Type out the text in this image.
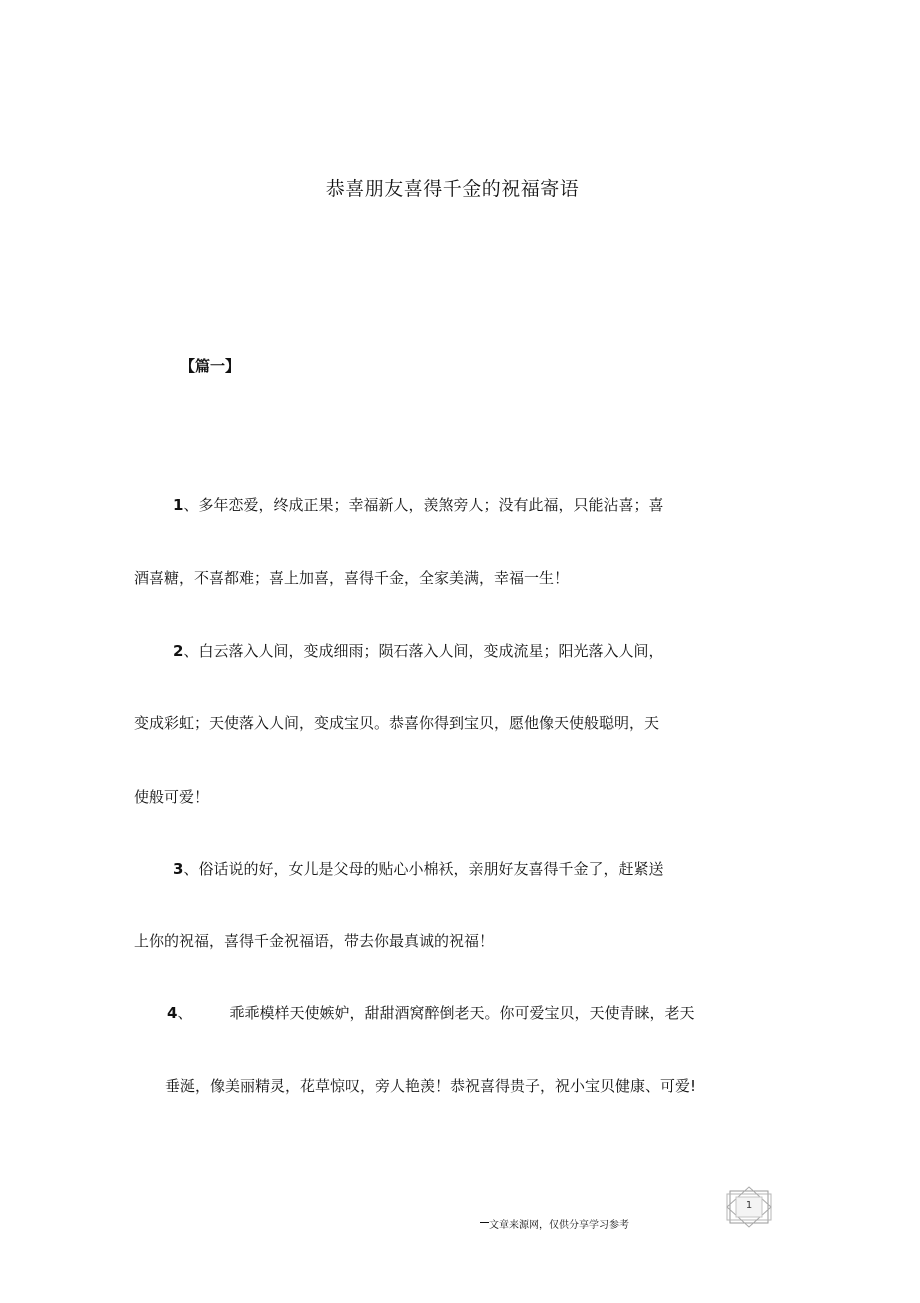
恭喜朋友喜得千金的祝福寄语
【篇一】
1、多年恋爱，终成正果；幸福新人，羡煞旁人；没有此福，只能沾喜；喜
酒喜糖，不喜都难；喜上加喜，喜得千金，全家美满，幸福一生！
2、白云落入人间，变成细雨；陨石落入人间，变成流星；阳光落入人间，
变成彩虹；天使落入人间，变成宝贝。恭喜你得到宝贝，愿他像天使般聪明，天
使般可爱！
3、俗话说的好，女儿是父母的贴心小棉袄，亲朋好友喜得千金了，赶紧送
上你的祝福，喜得千金祝福语，带去你最真诚的祝福！
4、 乖乖模样天使嫉妒，甜甜酒窝醉倒老天。你可爱宝贝，天使青睐，老天
垂涎，像美丽精灵，花草惊叹，旁人艳羡！恭祝喜得贵子，祝小宝贝健康、可爱!
文章来源网，仅供分享学习参考
1
